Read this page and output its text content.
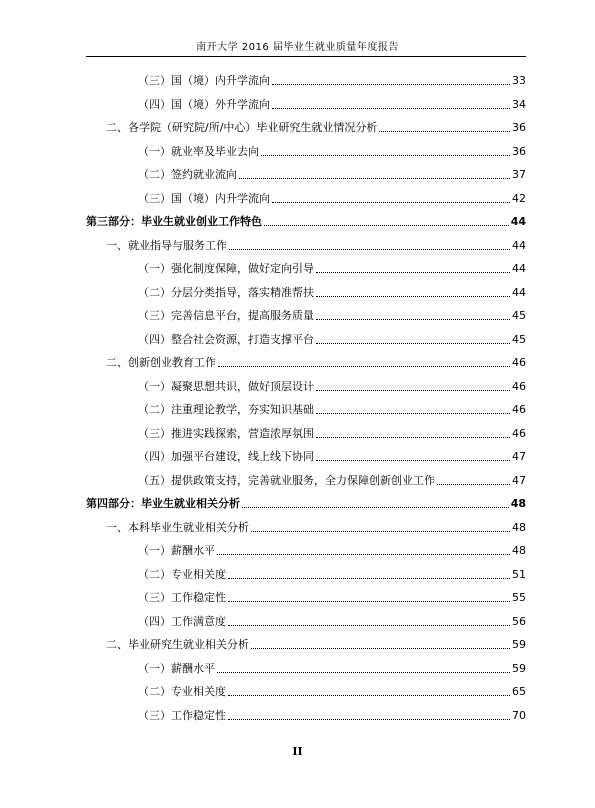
南开大学 2016 届毕业生就业质量年度报告
（三）国（境）内升学流向	33
（四）国（境）外升学流向	34
二、各学院（研究院/所/中心）毕业研究生就业情况分析	36
（一）就业率及毕业去向	36
（二）签约就业流向	37
（三）国（境）内升学流向	42
第三部分：毕业生就业创业工作特色	44
一、就业指导与服务工作	44
（一）强化制度保障，做好定向引导	44
（二）分层分类指导，落实精准帮扶	44
（三）完善信息平台，提高服务质量	45
（四）整合社会资源，打造支撑平台	45
二、创新创业教育工作	46
（一）凝聚思想共识，做好顶层设计	46
（二）注重理论教学，夯实知识基础	46
（三）推进实践探索，营造浓厚氛围	46
（四）加强平台建设，线上线下协同	47
（五）提供政策支持，完善就业服务，全力保障创新创业工作	47
第四部分：毕业生就业相关分析	48
一、本科毕业生就业相关分析	48
（一）薪酬水平	48
（二）专业相关度	51
（三）工作稳定性	55
（四）工作满意度	56
二、毕业研究生就业相关分析	59
（一）薪酬水平	59
（二）专业相关度	65
（三）工作稳定性	70
II
